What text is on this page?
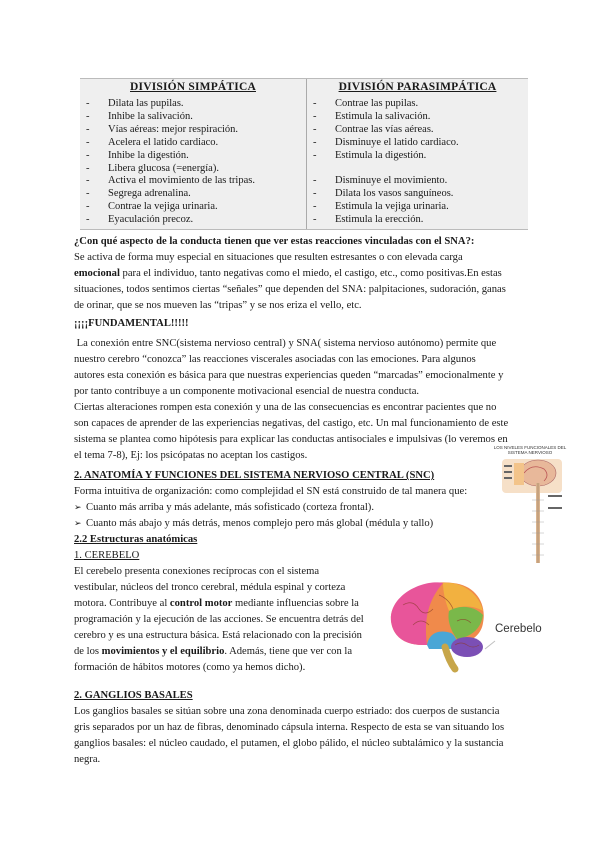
DIVISIÓN SIMPÁTICA	DIVISIÓN PARASIMPÁTICA
- Dilata las pupilas.
- Inhibe la salivación.
- Vías aéreas: mejor respiración.
- Acelera el latido cardiaco.
- Inhibe la digestión.
- Libera glucosa (=energía).
- Activa el movimiento de las tripas.
- Segrega adrenalina.
- Contrae la vejiga urinaria.
- Eyaculación precoz.
- Contrae las pupilas.
- Estimula la salivación.
- Contrae las vías aéreas.
- Disminuye el latido cardiaco.
- Estimula la digestión.

- Disminuye el movimiento.
- Dilata los vasos sanguíneos.
- Estimula la vejiga urinaria.
- Estimula la erección.

¿Con qué aspecto de la conducta tienen que ver estas reacciones vinculadas con el SNA?:

Se activa de forma muy especial en situaciones que resulten estresantes o con elevada carga

emocional para el individuo, tanto negativas como el miedo, el castigo, etc., como positivas.En estas

situaciones, todos sentimos ciertas “señales” que dependen del SNA: palpitaciones, sudoración, ganas

de orinar, que se nos mueven las “tripas” y se nos eriza el vello, etc.

¡¡¡¡FUNDAMENTAL!!!!!

La conexión entre SNC(sistema nervioso central) y SNA( sistema nervioso autónomo) permite que

nuestro cerebro “conozca” las reacciones viscerales asociadas con las emociones. Para algunos

autores esta conexión es básica para que nuestras experiencias queden “marcadas” emocionalmente y

por tanto contribuye a un componente motivacional esencial de nuestra conducta.

Ciertas alteraciones rompen esta conexión y una de las consecuencias es encontrar pacientes que no

son capaces de aprender de las experiencias negativas, del castigo, etc. Un mal funcionamiento de este

sistema se plantea como hipótesis para explicar las conductas antisociales e impulsivas (lo veremos en

el tema 7-8), Ej: los psicópatas no aceptan los castigos.

2. ANATOMÍA Y FUNCIONES DEL SISTEMA NERVIOSO CENTRAL (SNC)

Forma intuitiva de organización: como complejidad el SN está construido de tal manera que:

➢ Cuanto más arriba y más adelante, más sofisticado (corteza frontal).

➢ Cuanto más abajo y más detrás, menos complejo pero más global (médula y tallo)

2.2 Estructuras anatómicas

1. CEREBELO

El cerebelo presenta conexiones recíprocas con el sistema

vestibular, núcleos del tronco cerebral, médula espinal y corteza

motora. Contribuye al control motor mediante influencias sobre la

programación y la ejecución de las acciones. Se encuentra detrás del

cerebro y es una estructura básica. Está relacionado con la precisión

de los movimientos y el equilibrio. Además, tiene que ver con la

formación de hábitos motores (como ya hemos dicho).

LOS NIVELES FUNCIONALES DEL SISTEMA NERVIOSO
Cerebelo

2. GANGLIOS BASALES

Los ganglios basales se sitúan sobre una zona denominada cuerpo estriado: dos cuerpos de sustancia

gris separados por un haz de fibras, denominado cápsula interna. Respecto de esta se van situando los

ganglios basales: el núcleo caudado, el putamen, el globo pálido, el núcleo subtalámico y la sustancia

negra.
